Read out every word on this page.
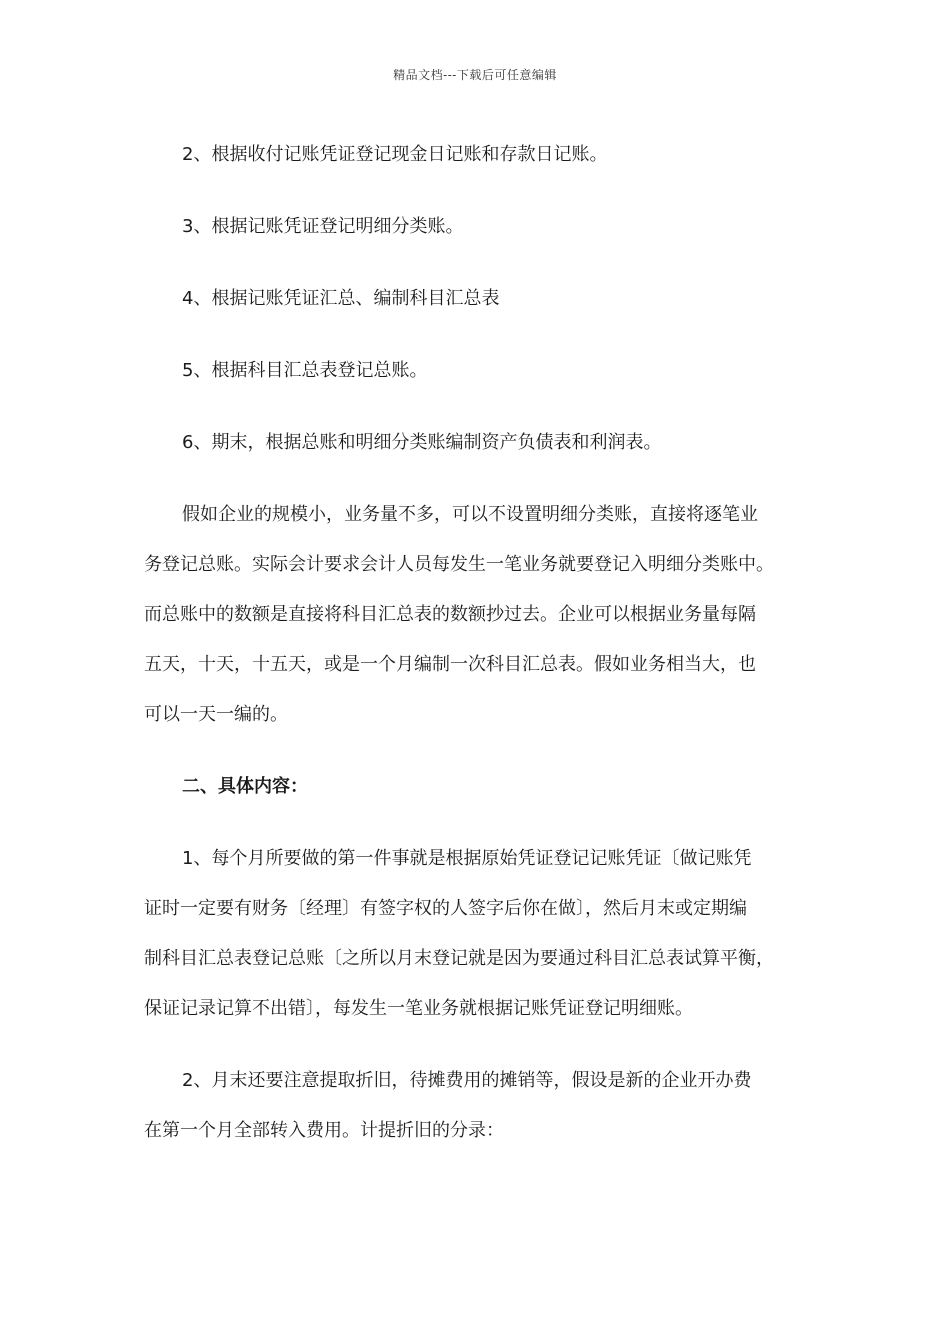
精品文档---下载后可任意编辑
2、根据收付记账凭证登记现金日记账和存款日记账。
3、根据记账凭证登记明细分类账。
4、根据记账凭证汇总、编制科目汇总表
5、根据科目汇总表登记总账。
6、期末，根据总账和明细分类账编制资产负债表和利润表。
假如企业的规模小，业务量不多，可以不设置明细分类账，直接将逐笔业
务登记总账。实际会计要求会计人员每发生一笔业务就要登记入明细分类账中。
而总账中的数额是直接将科目汇总表的数额抄过去。企业可以根据业务量每隔
五天，十天，十五天，或是一个月编制一次科目汇总表。假如业务相当大，也
可以一天一编的。
二、具体内容：
1、每个月所要做的第一件事就是根据原始凭证登记记账凭证〔做记账凭
证时一定要有财务〔经理〕有签字权的人签字后你在做〕，然后月末或定期编
制科目汇总表登记总账〔之所以月末登记就是因为要通过科目汇总表试算平衡，
保证记录记算不出错〕，每发生一笔业务就根据记账凭证登记明细账。
2、月末还要注意提取折旧，待摊费用的摊销等，假设是新的企业开办费
在第一个月全部转入费用。计提折旧的分录：
